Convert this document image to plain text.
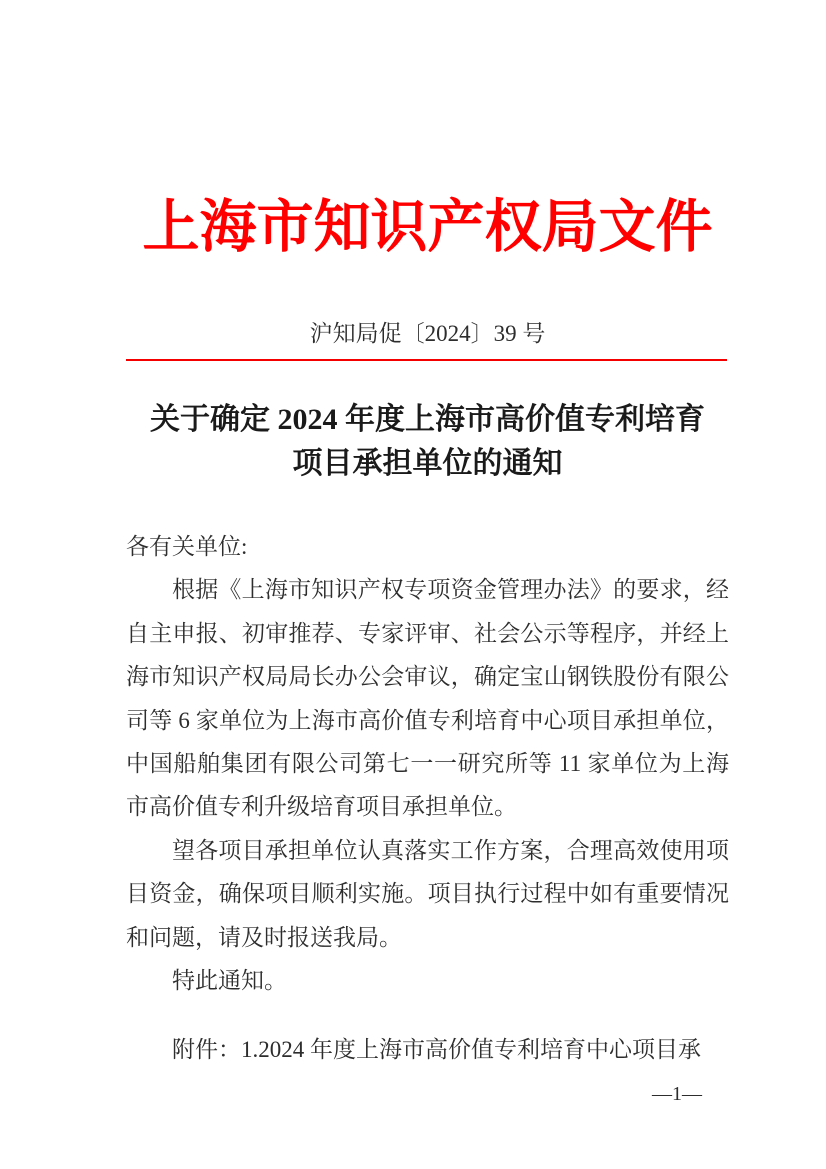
上海市知识产权局文件
沪知局促〔2024〕39 号
关于确定 2024 年度上海市高价值专利培育
项目承担单位的通知

各有关单位:

根据《上海市知识产权专项资金管理办法》的要求，经自主申报、初审推荐、专家评审、社会公示等程序，并经上海市知识产权局局长办公会审议，确定宝山钢铁股份有限公司等 6 家单位为上海市高价值专利培育中心项目承担单位，中国船舶集团有限公司第七一一研究所等 11 家单位为上海市高价值专利升级培育项目承担单位。

望各项目承担单位认真落实工作方案，合理高效使用项目资金，确保项目顺利实施。项目执行过程中如有重要情况和问题，请及时报送我局。

特此通知。

附件：1.2024 年度上海市高价值专利培育中心项目承

—1—
